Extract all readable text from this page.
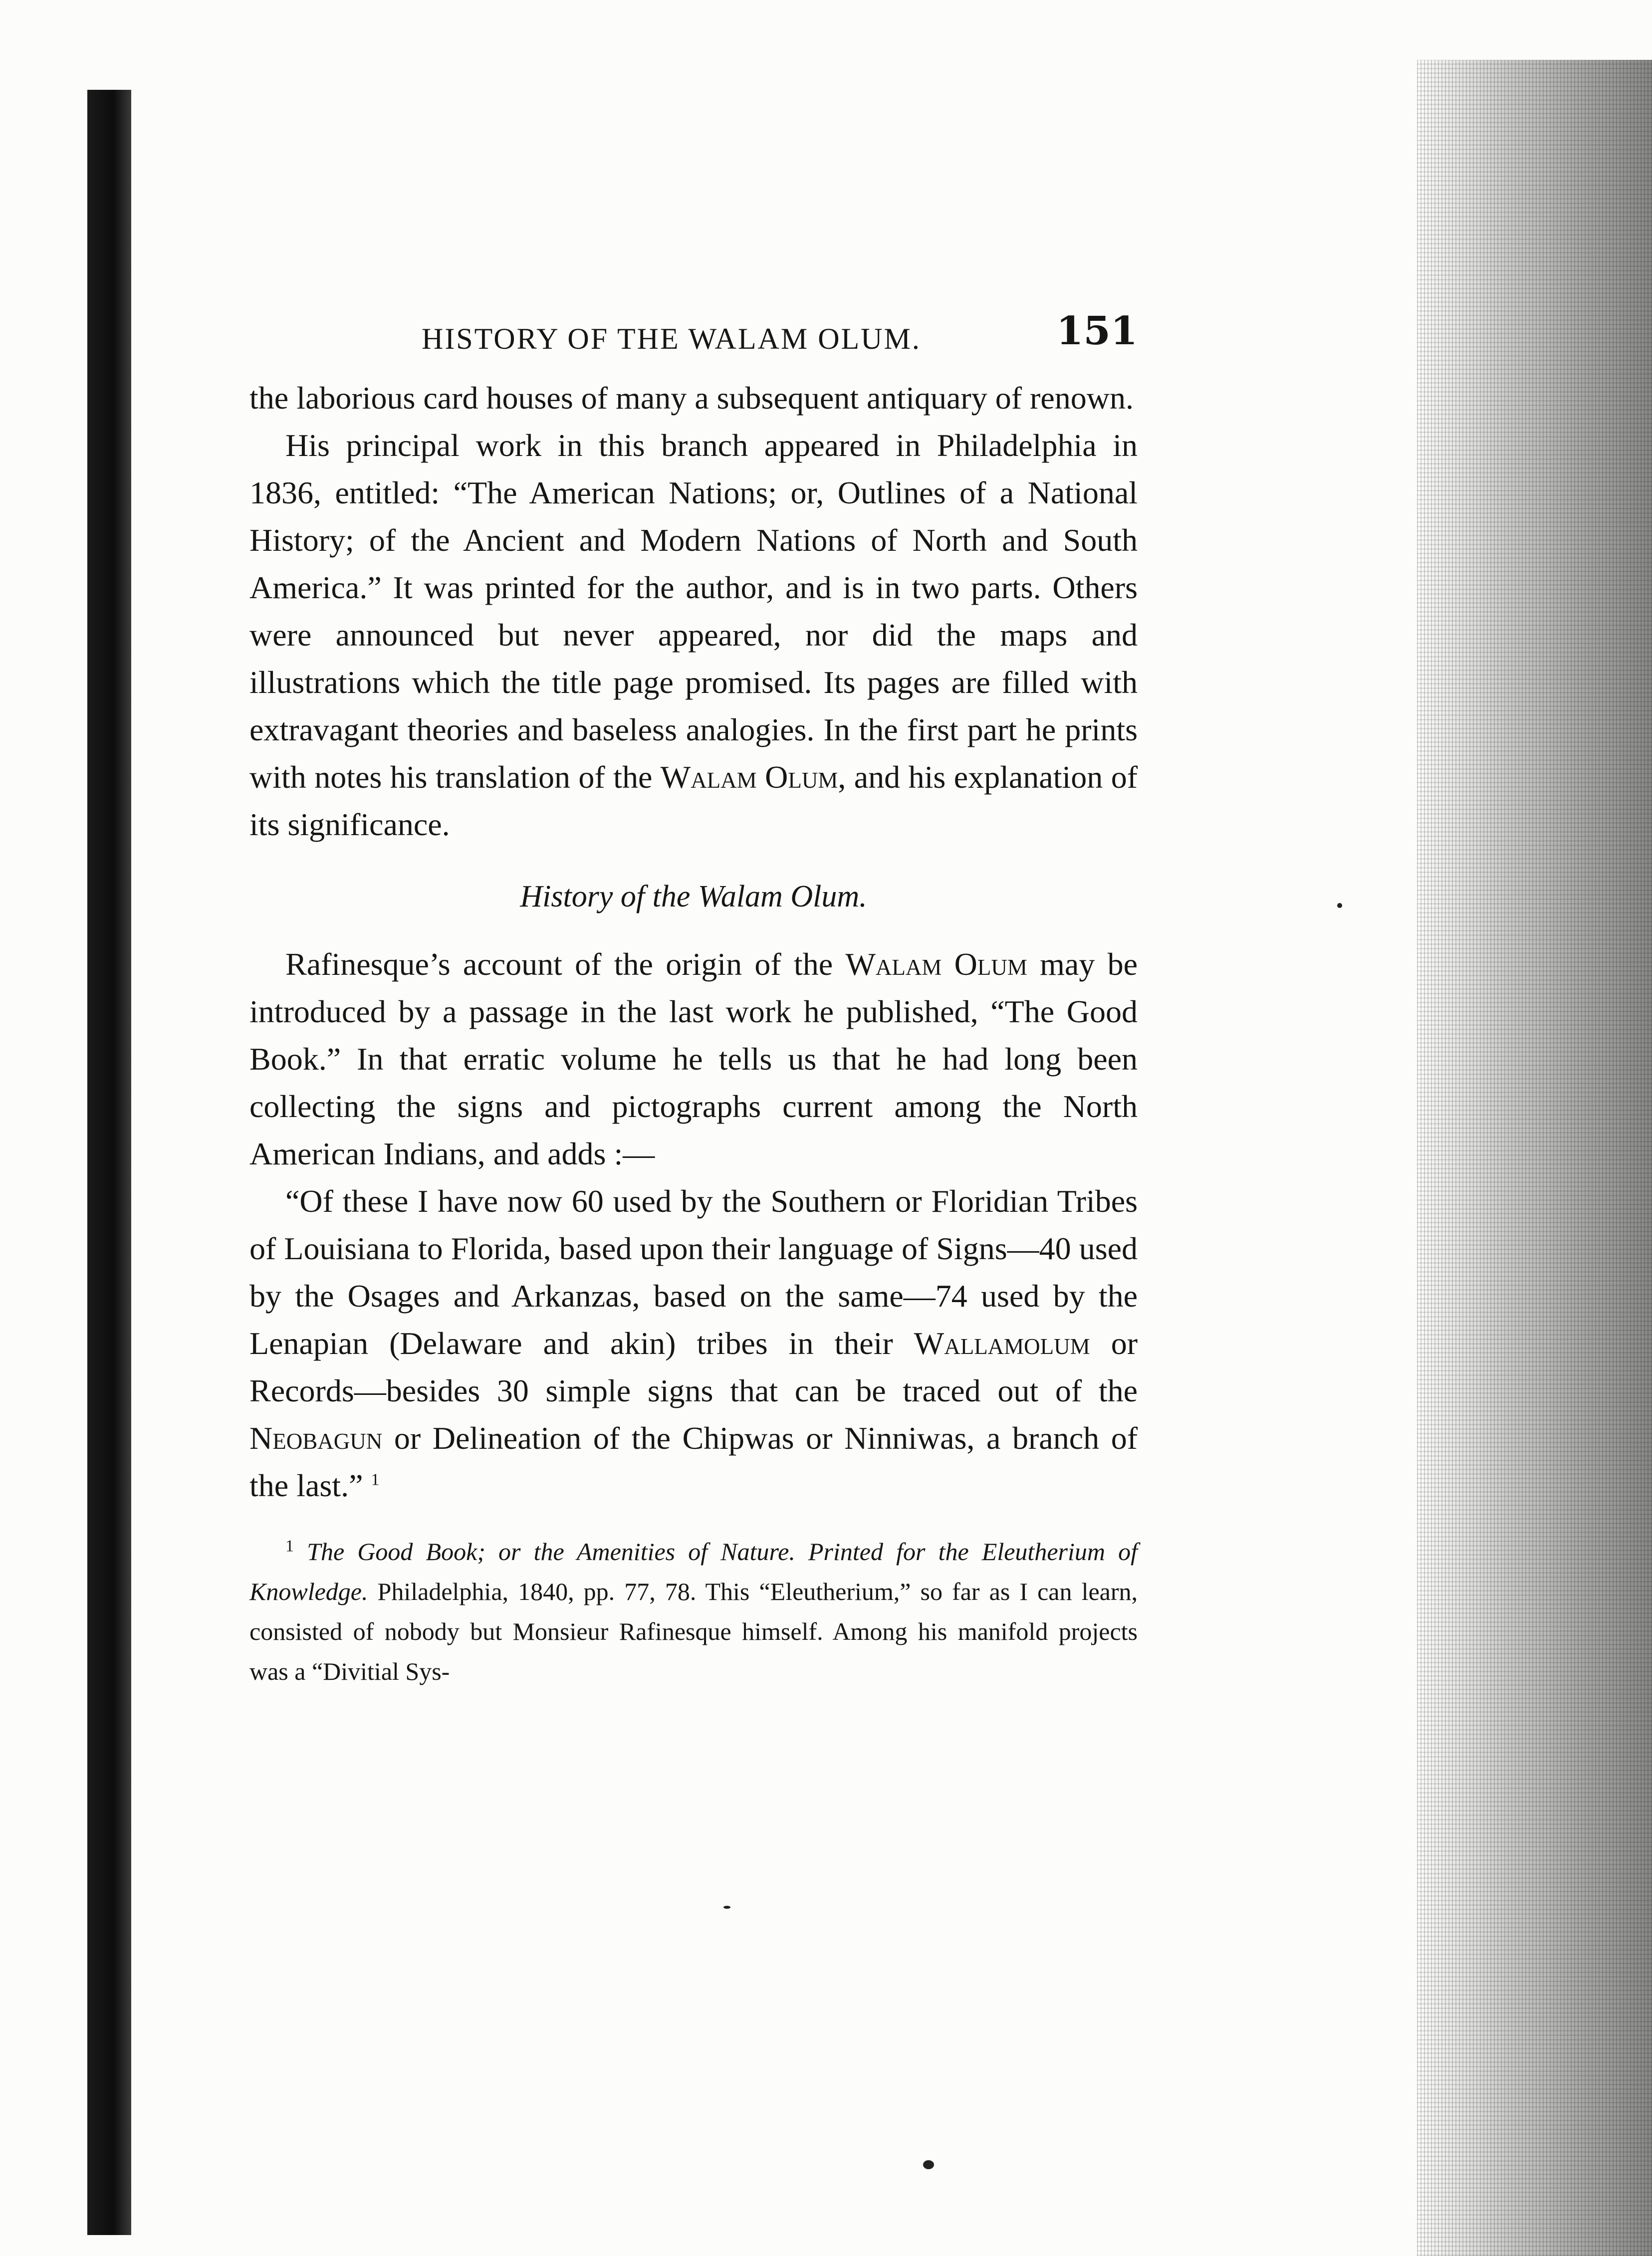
HISTORY OF THE WALAM OLUM.	151

the laborious card houses of many a subsequent antiquary of renown.

His principal work in this branch appeared in Philadelphia in 1836, entitled: “The American Nations; or, Outlines of a National History; of the Ancient and Modern Nations of North and South America.” It was printed for the author, and is in two parts. Others were announced but never appeared, nor did the maps and illustrations which the title page promised. Its pages are filled with extravagant theories and baseless analogies. In the first part he prints with notes his translation of the Walam Olum, and his explanation of its significance.

History of the Walam Olum.

Rafinesque’s account of the origin of the Walam Olum may be introduced by a passage in the last work he published, “The Good Book.” In that erratic volume he tells us that he had long been collecting the signs and pictographs current among the North American Indians, and adds :—

“Of these I have now 60 used by the Southern or Floridian Tribes of Louisiana to Florida, based upon their language of Signs—40 used by the Osages and Arkanzas, based on the same—74 used by the Lenapian (Delaware and akin) tribes in their Wallamolum or Records—besides 30 simple signs that can be traced out of the Neobagun or Delineation of the Chipwas or Ninniwas, a branch of the last.” $^1$

$^1$ The Good Book; or the Amenities of Nature. Printed for the Eleutherium of Knowledge. Philadelphia, 1840, pp. 77, 78. This “Eleutherium,” so far as I can learn, consisted of nobody but Monsieur Rafinesque himself. Among his manifold projects was a “Divitial Sys-
